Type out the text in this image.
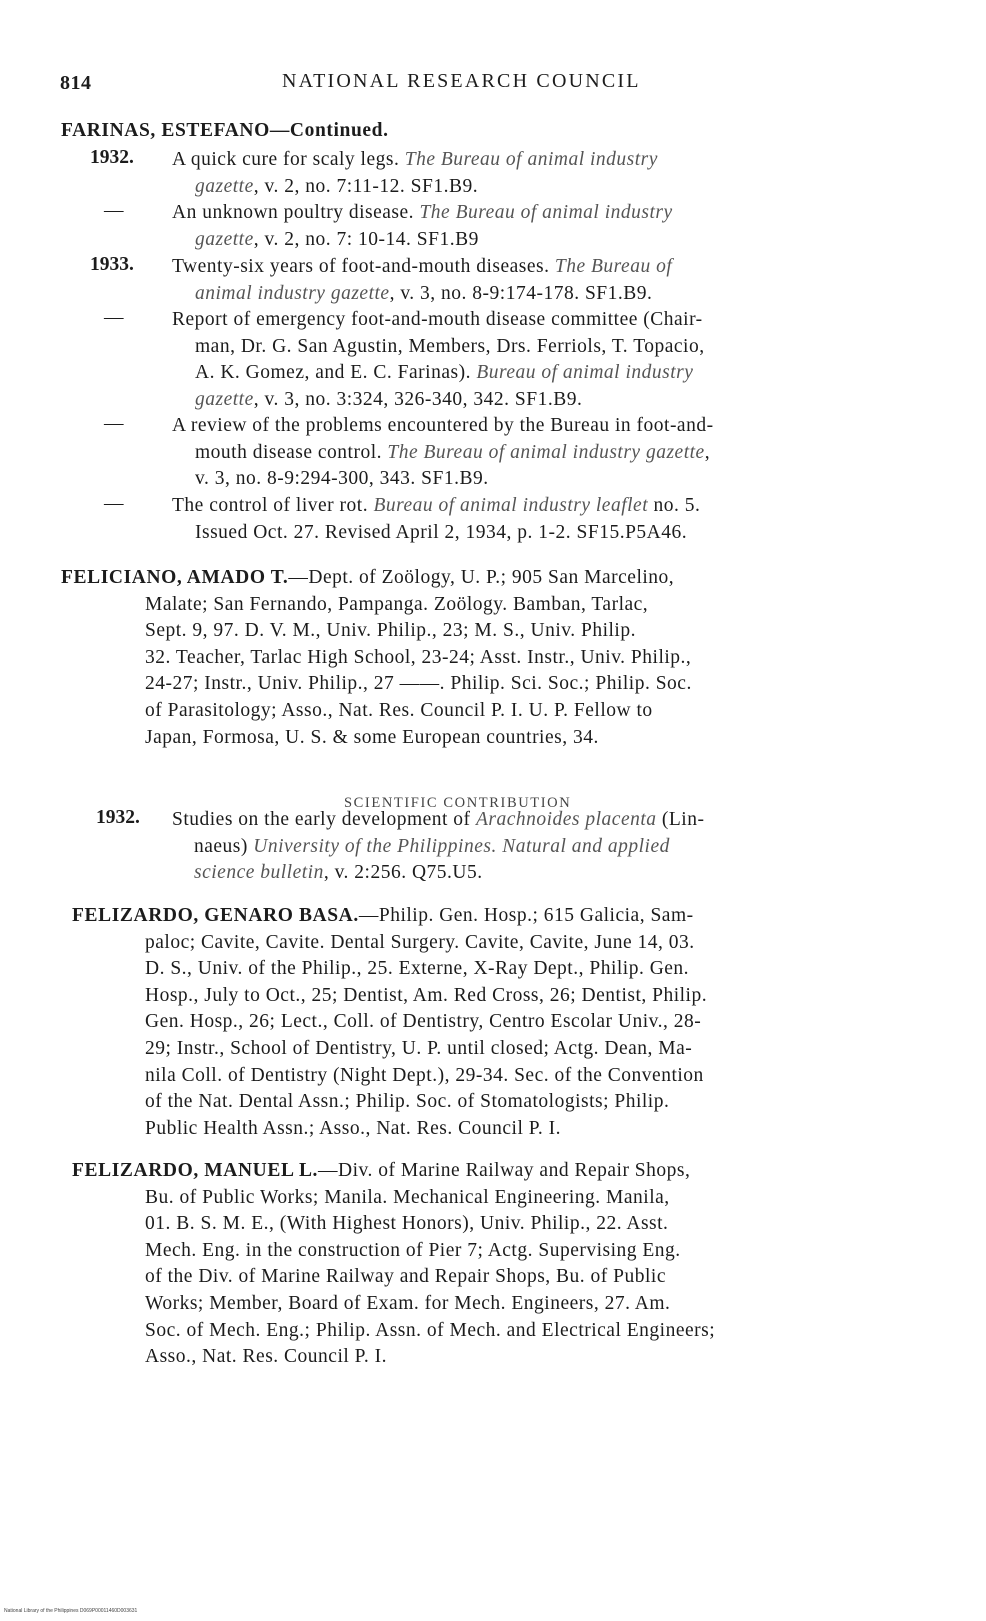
814	NATIONAL RESEARCH COUNCIL
FARINAS, ESTEFANO—Continued.
1932. A quick cure for scaly legs. The Bureau of animal industry
gazette, v. 2, no. 7:11-12. SF1.B9.
— An unknown poultry disease. The Bureau of animal industry
gazette, v. 2, no. 7: 10-14. SF1.B9
1933. Twenty-six years of foot-and-mouth diseases. The Bureau of
animal industry gazette, v. 3, no. 8-9:174-178. SF1.B9.
— Report of emergency foot-and-mouth disease committee (Chair-
man, Dr. G. San Agustin, Members, Drs. Ferriols, T. Topacio,
A. K. Gomez, and E. C. Farinas). Bureau of animal industry
gazette, v. 3, no. 3:324, 326-340, 342. SF1.B9.
— A review of the problems encountered by the Bureau in foot-and-
mouth disease control. The Bureau of animal industry gazette,
v. 3, no. 8-9:294-300, 343. SF1.B9.
— The control of liver rot. Bureau of animal industry leaflet no. 5.
Issued Oct. 27. Revised April 2, 1934, p. 1-2. SF15.P5A46.
FELICIANO, AMADO T.—Dept. of Zoölogy, U. P.; 905 San Marcelino,
Malate; San Fernando, Pampanga. Zoölogy. Bamban, Tarlac,
Sept. 9, 97. D. V. M., Univ. Philip., 23; M. S., Univ. Philip.
32. Teacher, Tarlac High School, 23-24; Asst. Instr., Univ. Philip.,
24-27; Instr., Univ. Philip., 27 ——. Philip. Sci. Soc.; Philip. Soc.
of Parasitology; Asso., Nat. Res. Council P. I. U. P. Fellow to
Japan, Formosa, U. S. & some European countries, 34.
SCIENTIFIC CONTRIBUTION
1932. Studies on the early development of Arachnoides placenta (Lin-
naeus) University of the Philippines. Natural and applied
science bulletin, v. 2:256. Q75.U5.
FELIZARDO, GENARO BASA.—Philip. Gen. Hosp.; 615 Galicia, Sam-
paloc; Cavite, Cavite. Dental Surgery. Cavite, Cavite, June 14, 03.
D. S., Univ. of the Philip., 25. Externe, X-Ray Dept., Philip. Gen.
Hosp., July to Oct., 25; Dentist, Am. Red Cross, 26; Dentist, Philip.
Gen. Hosp., 26; Lect., Coll. of Dentistry, Centro Escolar Univ., 28-
29; Instr., School of Dentistry, U. P. until closed; Actg. Dean, Ma-
nila Coll. of Dentistry (Night Dept.), 29-34. Sec. of the Convention
of the Nat. Dental Assn.; Philip. Soc. of Stomatologists; Philip.
Public Health Assn.; Asso., Nat. Res. Council P. I.
FELIZARDO, MANUEL L.—Div. of Marine Railway and Repair Shops,
Bu. of Public Works; Manila. Mechanical Engineering. Manila,
01. B. S. M. E., (With Highest Honors), Univ. Philip., 22. Asst.
Mech. Eng. in the construction of Pier 7; Actg. Supervising Eng.
of the Div. of Marine Railway and Repair Shops, Bu. of Public
Works; Member, Board of Exam. for Mech. Engineers, 27. Am.
Soc. of Mech. Eng.; Philip. Assn. of Mech. and Electrical Engineers;
Asso., Nat. Res. Council P. I.
National Library of the Philippines D069P00011460D003631
